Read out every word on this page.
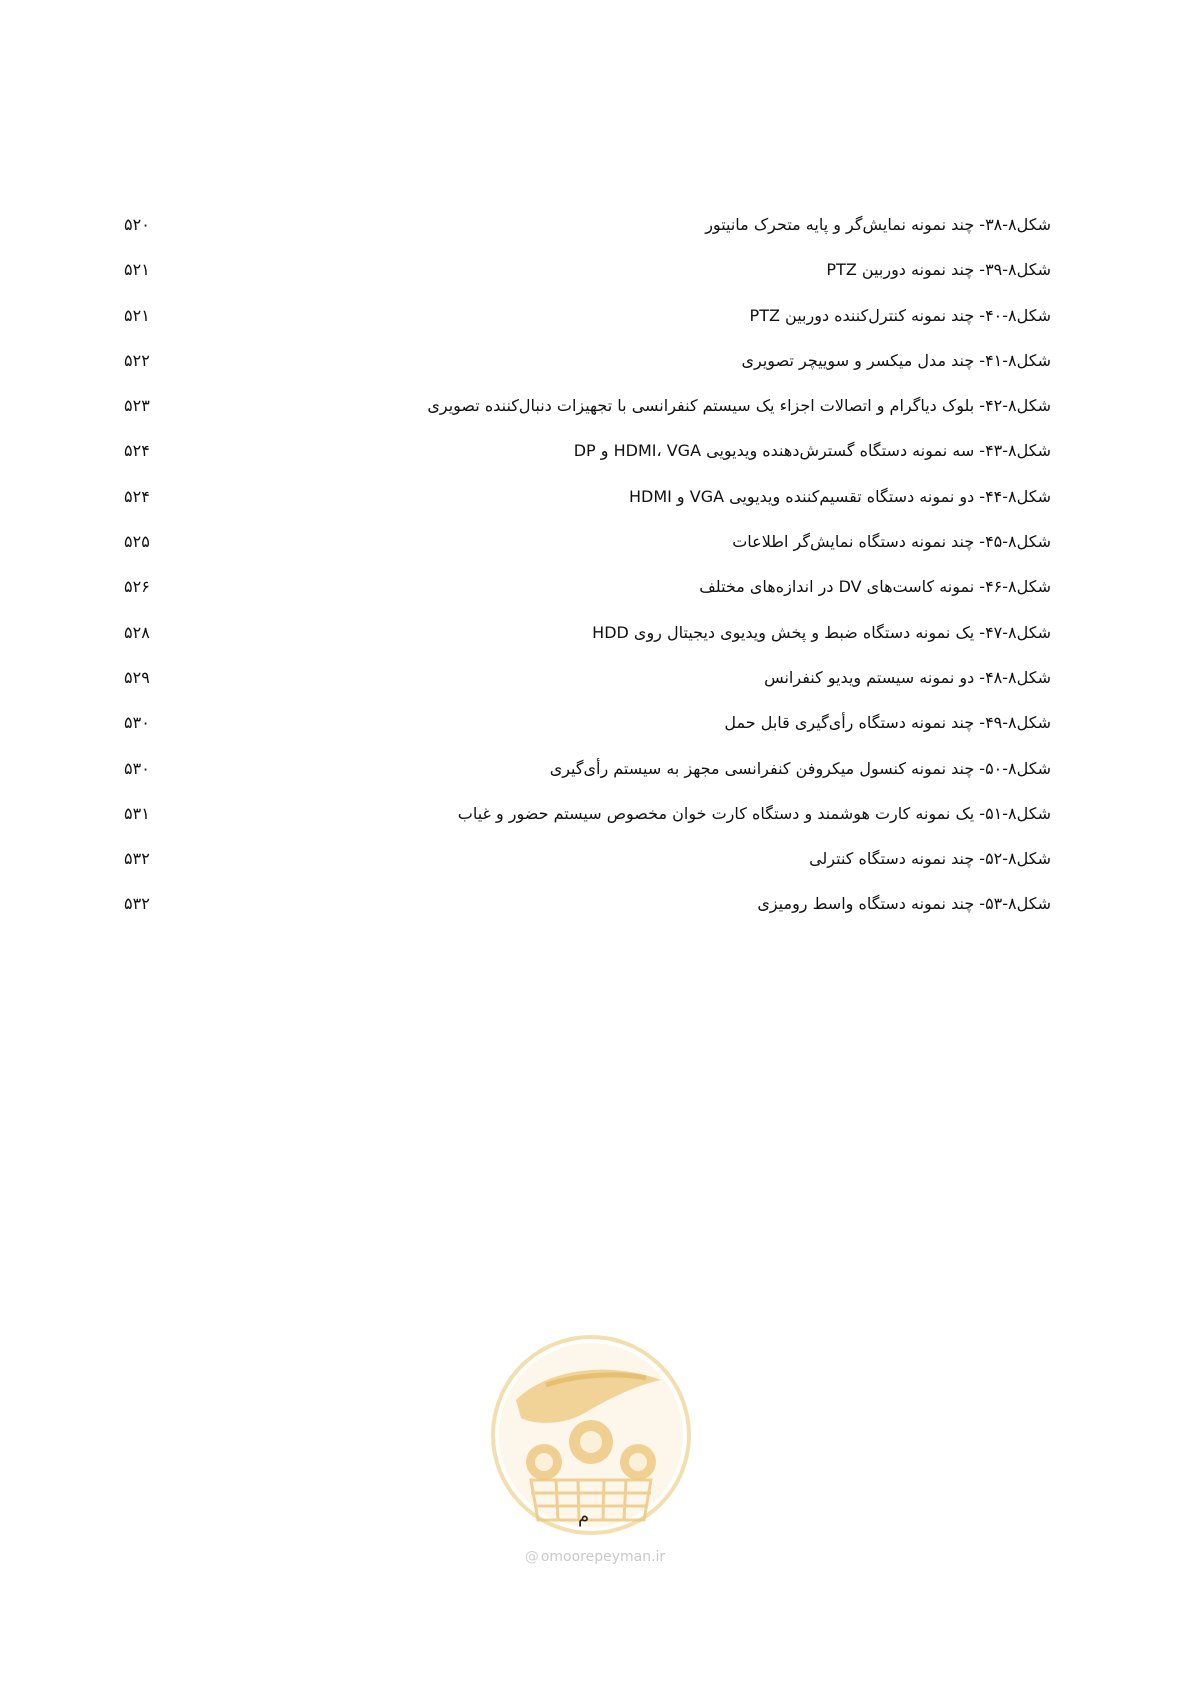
شکل۸-۳۸- چند نمونه نمایش‌گر و پایه متحرک مانیتور
۵۲۰
شکل۸-۳۹- چند نمونه دوربین PTZ
۵۲۱
شکل۸-۴۰- چند نمونه کنترل‌کننده دوربین PTZ
۵۲۱
شکل۸-۴۱- چند مدل میکسر و سوییچر تصویری
۵۲۲
شکل۸-۴۲- بلوک دیاگرام و اتصالات اجزاء یک سیستم کنفرانسی با تجهیزات دنبال‌کننده تصویری
۵۲۳
شکل۸-۴۳- سه نمونه دستگاه گسترش‌دهنده ویدیویی HDMI، VGA و DP
۵۲۴
شکل۸-۴۴- دو نمونه دستگاه تقسیم‌کننده ویدیویی VGA و HDMI
۵۲۴
شکل۸-۴۵- چند نمونه دستگاه نمایش‌گر اطلاعات
۵۲۵
شکل۸-۴۶- نمونه کاست‌های DV در اندازه‌های مختلف
۵۲۶
شکل۸-۴۷- یک نمونه دستگاه ضبط و پخش ویدیوی دیجیتال روی HDD
۵۲۸
شکل۸-۴۸- دو نمونه سیستم ویدیو کنفرانس
۵۲۹
شکل۸-۴۹- چند نمونه دستگاه رأی‌گیری قابل حمل
۵۳۰
شکل۸-۵۰- چند نمونه کنسول میکروفن کنفرانسی مجهز به سیستم رأی‌گیری
۵۳۰
شکل۸-۵۱- یک نمونه کارت هوشمند و دستگاه کارت خوان مخصوص سیستم حضور و غیاب
۵۳۱
شکل۸-۵۲- چند نمونه دستگاه کنترلی
۵۳۲
شکل۸-۵۳- چند نمونه دستگاه واسط رومیزی
۵۳۲
م
@ omoorepeyman.ir
